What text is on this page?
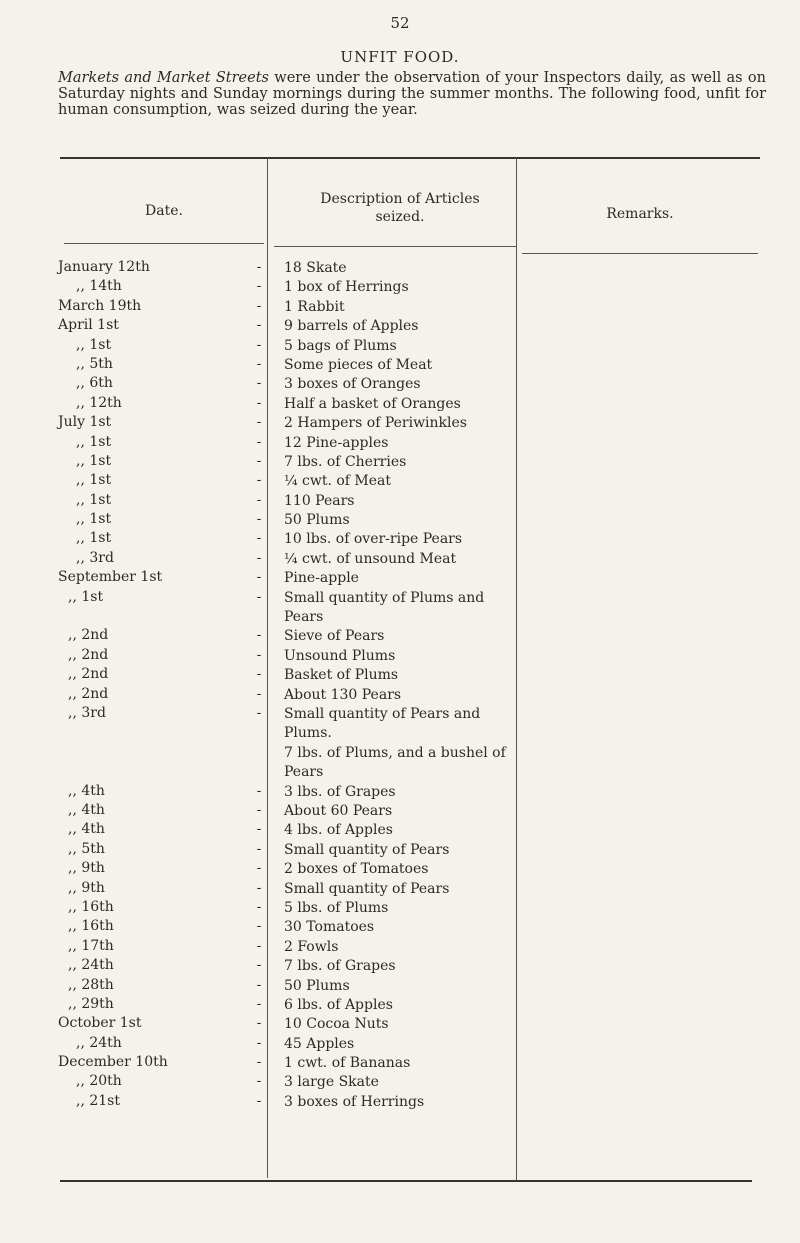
52
UNFIT FOOD.
Markets and Market Streets were under the observation of your Inspectors daily, as well as on Saturday nights and Sunday mornings during the summer months. The following food, unfit for human consumption, was seized during the year.
Date.
Description of Articles seized.	Remarks.
January 12th	- 18 Skate
,, 14th	- 1 box of Herrings
March 19th	- 1 Rabbit
April 1st	- 9 barrels of Apples
,, 1st	- 5 bags of Plums
,, 5th	- Some pieces of Meat
,, 6th	- 3 boxes of Oranges
,, 12th	- Half a basket of Oranges
July 1st	- 2 Hampers of Periwinkles
,, 1st	- 12 Pine-apples
,, 1st	- 7 lbs. of Cherries
,, 1st	- ¼ cwt. of Meat
,, 1st	- 110 Pears
,, 1st	- 50 Plums
,, 1st	- 10 lbs. of over-ripe Pears
,, 3rd	- ¼ cwt. of unsound Meat
September 1st	- Pine-apple
,, 1st	- Small quantity of Plums and Pears
,, 2nd	- Sieve of Pears
,, 2nd	- Unsound Plums
,, 2nd	- Basket of Plums
,, 2nd	- About 130 Pears
,, 3rd	- Small quantity of Pears and Plums.
7 lbs. of Plums, and a bushel of Pears
,, 4th	- 3 lbs. of Grapes
,, 4th	- About 60 Pears
,, 4th	- 4 lbs. of Apples
,, 5th	- Small quantity of Pears
,, 9th	- 2 boxes of Tomatoes
,, 9th	- Small quantity of Pears
,, 16th	- 5 lbs. of Plums
,, 16th	- 30 Tomatoes
,, 17th	- 2 Fowls
,, 24th	- 7 lbs. of Grapes
,, 28th	- 50 Plums
,, 29th	- 6 lbs. of Apples
October 1st	- 10 Cocoa Nuts
,, 24th	- 45 Apples
December 10th	- 1 cwt. of Bananas
,, 20th	- 3 large Skate
,, 21st	- 3 boxes of Herrings
